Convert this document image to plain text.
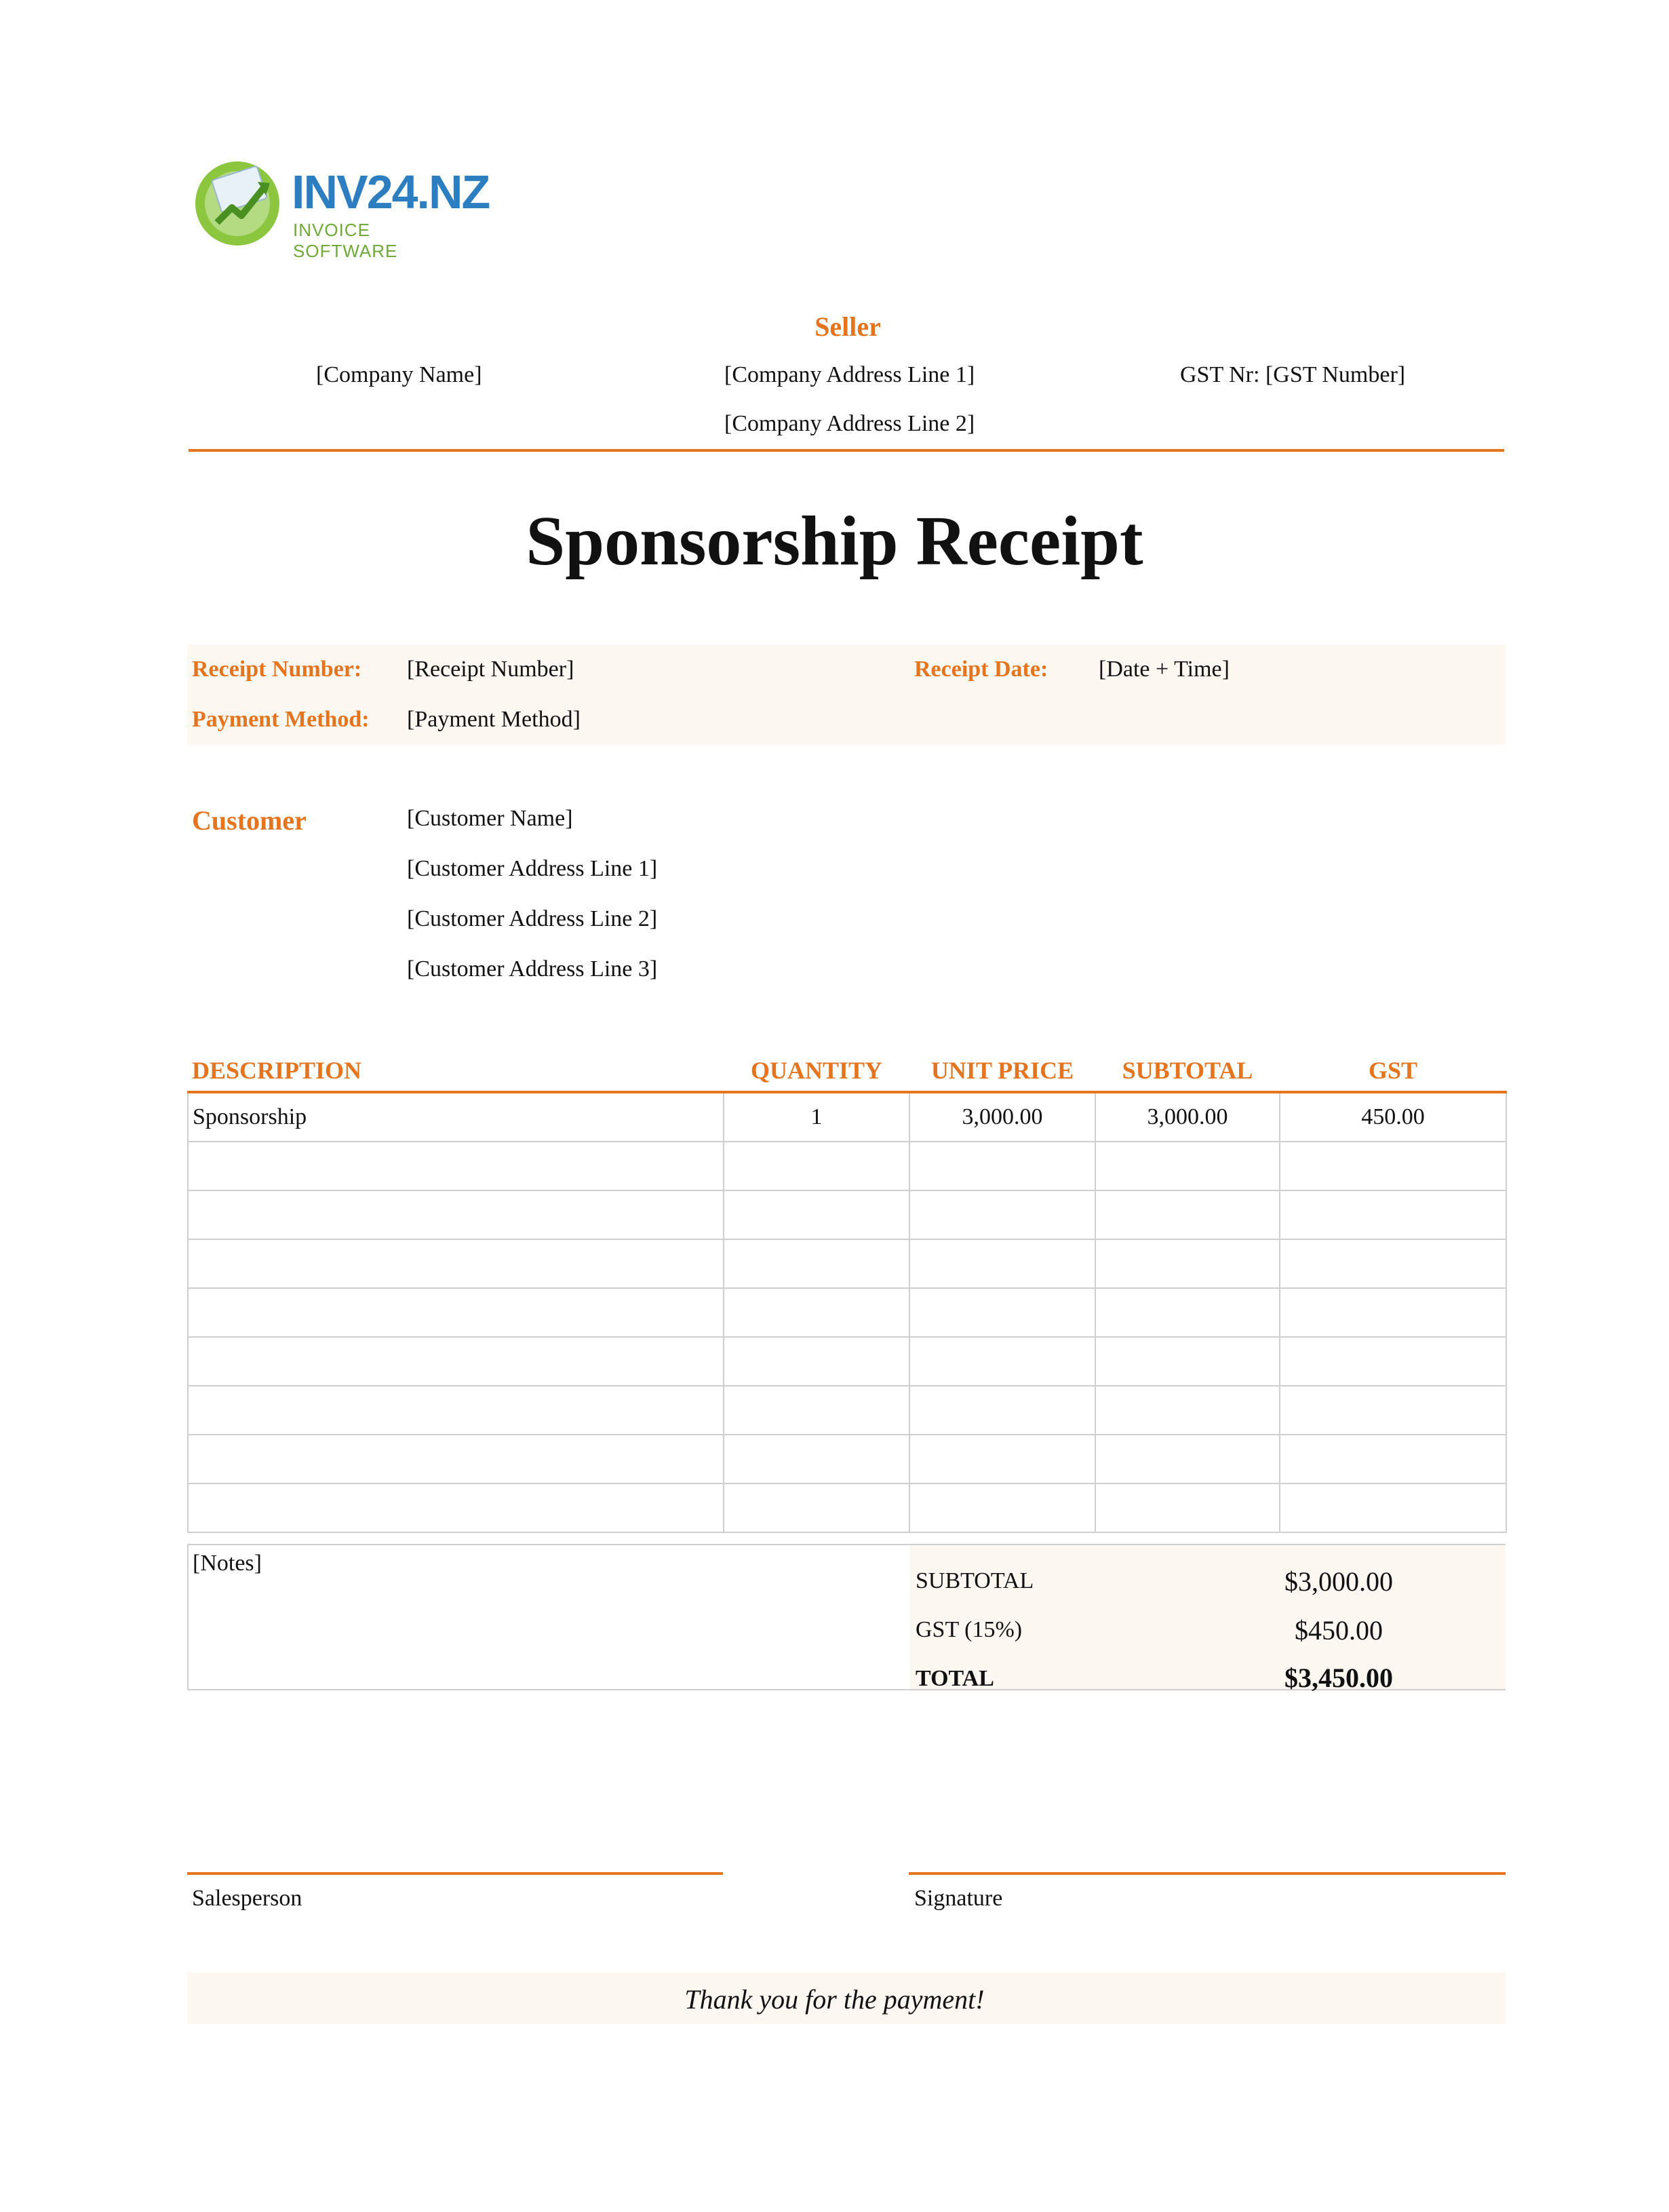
INV24.NZ
INVOICE SOFTWARE
Seller
[Company Name]	[Company Address Line 1]
[Company Address Line 2]
GST Nr: [GST Number]
Sponsorship Receipt
Receipt Number: [Receipt Number]	Receipt Date: [Date + Time]
Payment Method: [Payment Method]
Customer	[Customer Name]
[Customer Address Line 1]
[Customer Address Line 2]
[Customer Address Line 3]
DESCRIPTION	QUANTITY	UNIT PRICE	SUBTOTAL	GST
Sponsorship	1	3,000.00	3,000.00	450.00

[Notes]
SUBTOTAL	$3,000.00
GST (15%)	$450.00
TOTAL	$3,450.00
Salesperson	Signature
Thank you for the payment!
